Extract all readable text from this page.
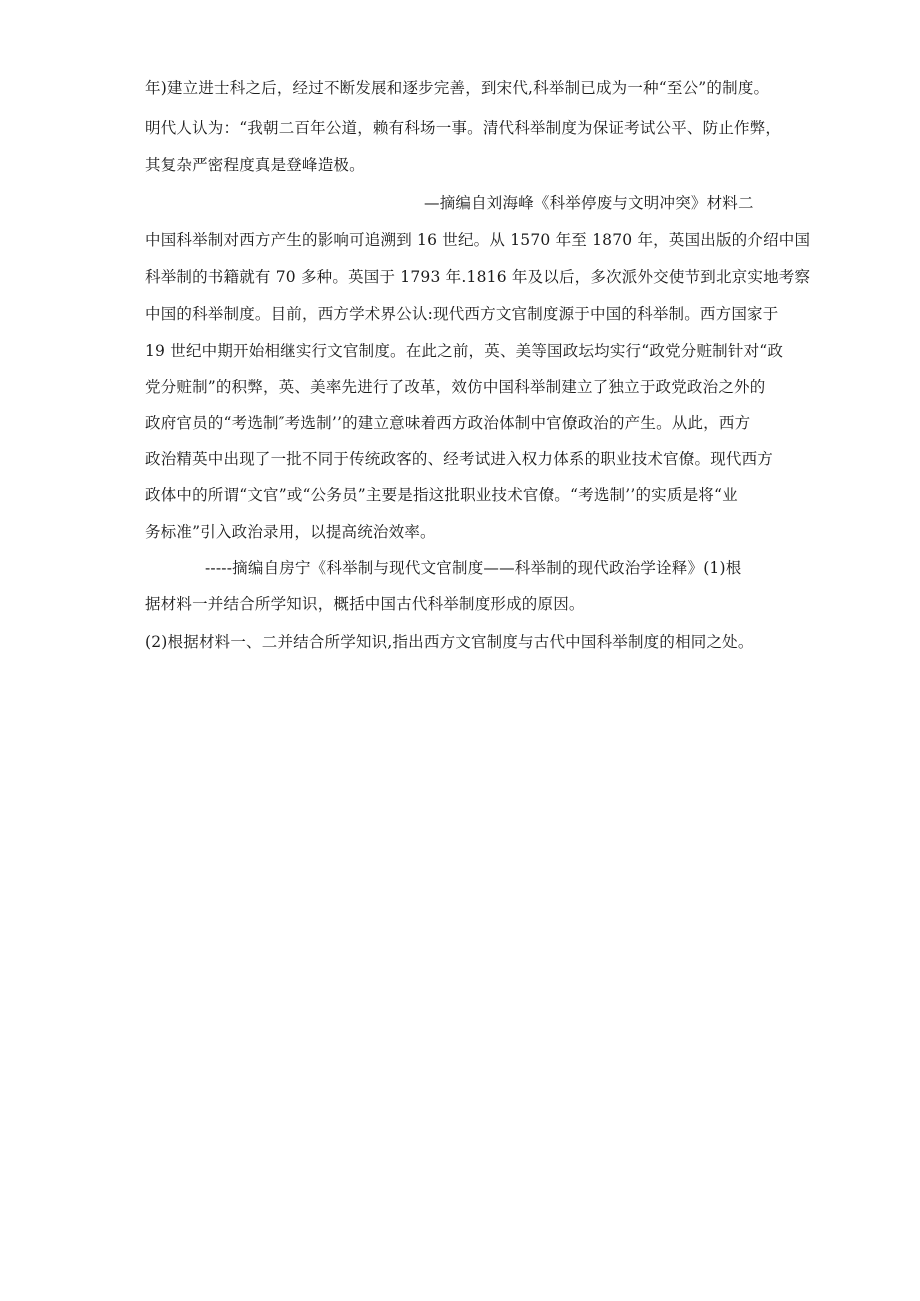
年)建立进士科之后，经过不断发展和逐步完善，到宋代,科举制已成为一种“至公”的制度。
明代人认为：“我朝二百年公道，赖有科场一事。清代科举制度为保证考试公平、防止作弊，
其复杂严密程度真是登峰造极。
—摘编自刘海峰《科举停废与文明冲突》材料二
中国科举制对西方产生的影响可追溯到 16 世纪。从 1570 年至 1870 年，英国出版的介绍中国
科举制的书籍就有 70 多种。英国于 1793 年.1816 年及以后，多次派外交使节到北京实地考察
中国的科举制度。目前，西方学术界公认:现代西方文官制度源于中国的科举制。西方国家于
19 世纪中期开始相继实行文官制度。在此之前，英、美等国政坛均实行“政党分赃制针对“政
党分赃制”的积弊，英、美率先进行了改革，效仿中国科举制建立了独立于政党政治之外的
政府官员的“考选制″考选制’’的建立意味着西方政治体制中官僚政治的产生。从此，西方
政治精英中出现了一批不同于传统政客的、经考试进入权力体系的职业技术官僚。现代西方
政体中的所谓“文官”或“公务员”主要是指这批职业技术官僚。“考选制’’的实质是将“业
务标准”引入政治录用，以提高统治效率。
-----摘编自房宁《科举制与现代文官制度——科举制的现代政治学诠释》(1)根
据材料一并结合所学知识，概括中国古代科举制度形成的原因。
(2)根据材料一、二并结合所学知识,指出西方文官制度与古代中国科举制度的相同之处。
